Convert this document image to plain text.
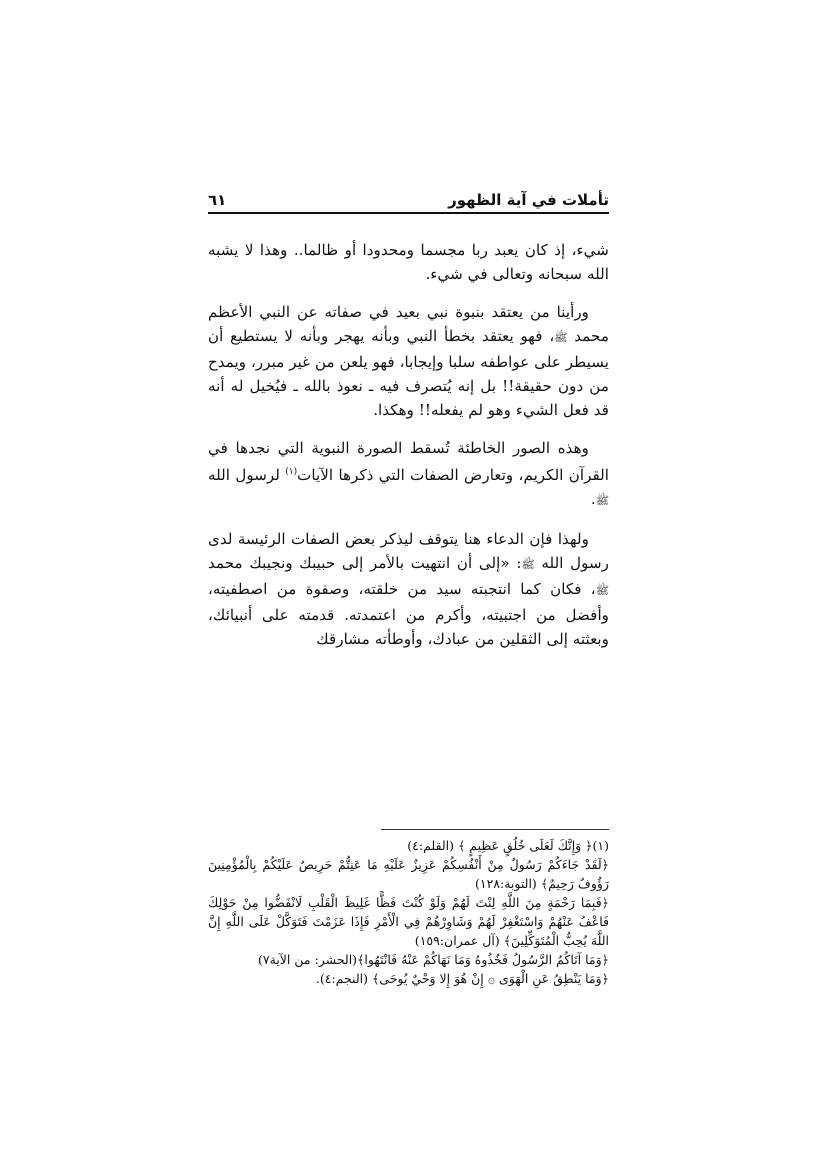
تأملات في آية الظهور
٦١

شيء، إذ كان يعبد ربا مجسما ومحدودا أو ظالما.. وهذا لا يشبه الله سبحانه وتعالى في شيء.

ورأينا من يعتقد بنبوة نبي بعيد في صفاته عن النبي الأعظم محمد ﷺ، فهو يعتقد بخطأ النبي وبأنه يهجر وبأنه لا يستطيع أن يسيطر على عواطفه سلبا وإيجابا، فهو يلعن من غير مبرر، ويمدح من دون حقيقة!! بل إنه يُتصرف فيه ـ نعوذ بالله ـ فيُخيل له أنه قد فعل الشيء وهو لم يفعله!! وهكذا.

وهذه الصور الخاطئة تُسقط الصورة النبوية التي نجدها في القرآن الكريم، وتعارض الصفات التي ذكرها الآيات$^{(١)}$ لرسول الله ﷺ.

ولهذا فإن الدعاء هنا يتوقف ليذكر بعض الصفات الرئيسة لدى رسول الله ﷺ: «إلى أن انتهيت بالأمر إلى حبيبك ونجيبك محمد ﷺ، فكان كما انتجبته سيد من خلقته، وصفوة من اصطفيته، وأفضل من اجتبيته، وأكرم من اعتمدته. قدمته على أنبيائك، وبعثته إلى الثقلين من عبادك، وأوطأته مشارقك

(١)﴿ وَإِنَّكَ لَعَلَى خُلُقٍ عَظِيمٍ ﴾ (القلم:٤)
﴿لَقَدْ جَاءَكُمْ رَسُولٌ مِنْ أَنْفُسِكُمْ عَزِيزٌ عَلَيْهِ مَا عَنِتُّمْ حَرِيصٌ عَلَيْكُمْ بِالْمُؤْمِنِينَ رَؤُوفٌ رَحِيمٌ﴾ (التوبة:١٢٨)
﴿فَبِمَا رَحْمَةٍ مِنَ اللَّهِ لِنْتَ لَهُمْ وَلَوْ كُنْتَ فَظًّا غَلِيظَ الْقَلْبِ لَانْفَضُّوا مِنْ حَوْلِكَ فَاعْفُ عَنْهُمْ وَاسْتَغْفِرْ لَهُمْ وَشَاوِرْهُمْ فِي الْأَمْرِ فَإِذَا عَزَمْتَ فَتَوَكَّلْ عَلَى اللَّهِ إِنَّ اللَّهَ يُحِبُّ الْمُتَوَكِّلِينَ﴾ (آل عمران:١٥٩)
﴿وَمَا آتَاكُمُ الرَّسُولُ فَخُذُوهُ وَمَا نَهَاكُمْ عَنْهُ فَانْتَهُوا﴾(الحشر: من الآية٧)
﴿وَمَا يَنْطِقُ عَنِ الْهَوَى ۞ إِنْ هُوَ إِلا وَحْيٌ يُوحَى﴾ (النجم:٤).
